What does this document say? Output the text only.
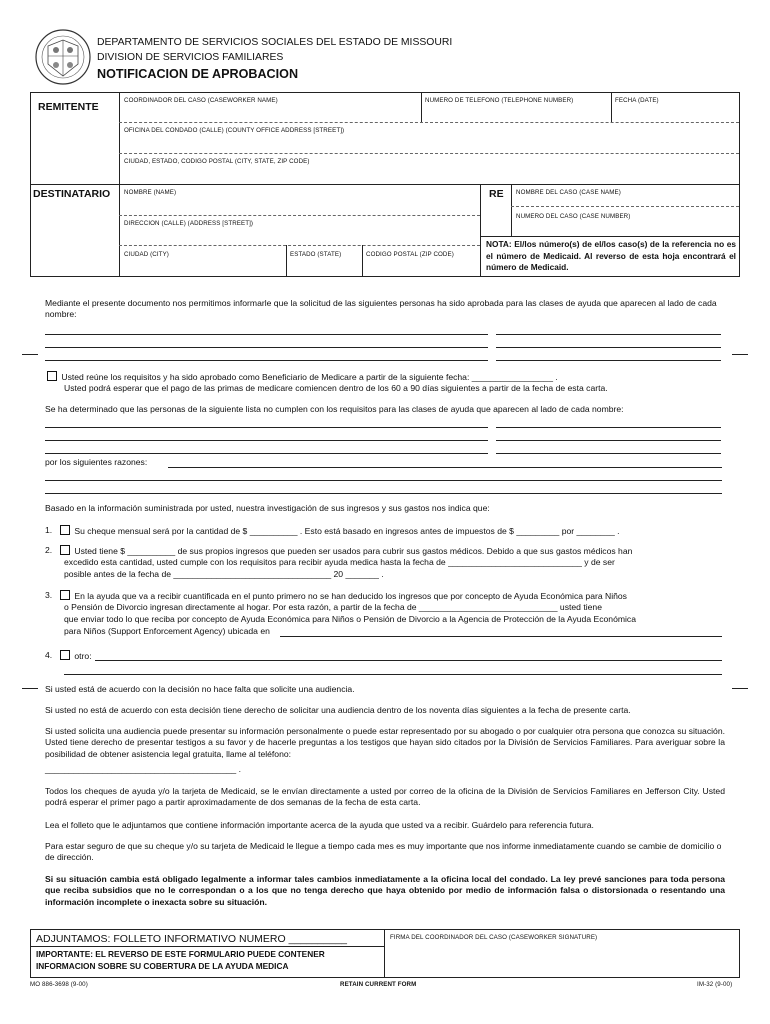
DEPARTAMENTO DE SERVICIOS SOCIALES DEL ESTADO DE MISSOURI
DIVISION DE SERVICIOS FAMILIARES
NOTIFICACION DE APROBACION
REMITENTE
COORDINADOR DEL CASO (CASEWORKER NAME)	NUMERO DE TELEFONO (TELEPHONE NUMBER)	FECHA (DATE)
OFICINA DEL CONDADO (CALLE) (COUNTY OFFICE ADDRESS [STREET])
CIUDAD, ESTADO, CODIGO POSTAL (CITY, STATE, ZIP CODE)
DESTINATARIO NOMBRE (NAME)
DIRECCION (CALLE) (ADDRESS [STREET])
CIUDAD (CITY)	ESTADO (STATE)	CODIGO POSTAL (ZIP CODE)
RE NOMBRE DEL CASO (CASE NAME)
NUMERO DEL CASO (CASE NUMBER)
NOTA: El/los número(s) de el/los caso(s) de la referencia no es el número de Medicaid. Al reverso de esta hoja encontrará el número de Medicaid.
Mediante el presente documento nos permitimos informarle que la solicitud de las siguientes personas ha sido aprobada para las clases de ayuda que aparecen al lado de cada nombre:
Usted reúne los requisitos y ha sido aprobado como Beneficiario de Medicare a partir de la siguiente fecha: _________________ .
Usted podrá esperar que el pago de las primas de medicare comiencen dentro de los 60 a 90 días siguientes a partir de la fecha de esta carta.
Se ha determinado que las personas de la siguiente lista no cumplen con los requisitos para las clases de ayuda que aparecen al lado de cada nombre:
por los siguientes razones:
Basado en la información suministrada por usted, nuestra investigación de sus ingresos y sus gastos nos indica que:
1.	Su cheque mensual será por la cantidad de $ __________ . Esto está basado en ingresos antes de impuestos de $ _________ por ________ .
2.	Usted tiene $ __________ de sus propios ingresos que pueden ser usados para cubrir sus gastos médicos. Debido a que sus gastos médicos han
excedido esta cantidad, usted cumple con los requisitos para recibir ayuda medica hasta la fecha de ____________________________ y de ser
posible antes de la fecha de _________________________________ 20 _______ .
3.	En la ayuda que va a recibir cuantificada en el punto primero no se han deducido los ingresos que por concepto de Ayuda Económica para Niños
o Pensión de Divorcio ingresan directamente al hogar. Por esta razón, a partir de la fecha de _____________________________ usted tiene
que enviar todo lo que reciba por concepto de Ayuda Económica para Niños o Pensión de Divorcio a la Agencia de Protección de la Ayuda Económica
para Niños (Support Enforcement Agency) ubicada en
4.	otro:
Si usted está de acuerdo con la decisión no hace falta que solicite una audiencia.
Si usted no está de acuerdo con esta decisión tiene derecho de solicitar una audiencia dentro de los noventa días siguientes a la fecha de presente carta.
Si usted solicita una audiencia puede presentar su información personalmente o puede estar representado por su abogado o por cualquier otra persona que conozca su situación. Usted tiene derecho de presentar testigos a su favor y de hacerle preguntas a los testigos que hayan sido citados por la División de Servicios Familiares. Para averiguar sobre la posibilidad de obtener asistencia legal gratuita, llame al teléfono:
________________________________________ .
Todos los cheques de ayuda y/o la tarjeta de Medicaid, se le envían directamente a usted por correo de la oficina de la División de Servicios Familiares en Jefferson City. Usted podrá esperar el primer pago a partir aproximadamente de dos semanas de la fecha de esta carta.
Lea el folleto que le adjuntamos que contiene información importante acerca de la ayuda que usted va a recibir. Guárdelo para referencia futura.
Para estar seguro de que su cheque y/o su tarjeta de Medicaid le llegue a tiempo cada mes es muy importante que nos informe inmediatamente cuando se cambie de domicilio o de dirección.
Si su situación cambia está obligado legalmente a informar tales cambios inmediatamente a la oficina local del condado. La ley prevé sanciones para toda persona que reciba subsidios que no le correspondan o a los que no tenga derecho que haya obtenido por medio de información falsa o distorsionada o resentando una información incomplete o inexacta sobre su situación.
ADJUNTAMOS: FOLLETO INFORMATIVO NUMERO __________
IMPORTANTE: EL REVERSO DE ESTE FORMULARIO PUEDE CONTENER INFORMACION SOBRE SU COBERTURA DE LA AYUDA MEDICA
FIRMA DEL COORDINADOR DEL CASO (CASEWORKER SIGNATURE)
MO 886-3698 (9-00)	RETAIN CURRENT FORM	IM-32 (9-00)
